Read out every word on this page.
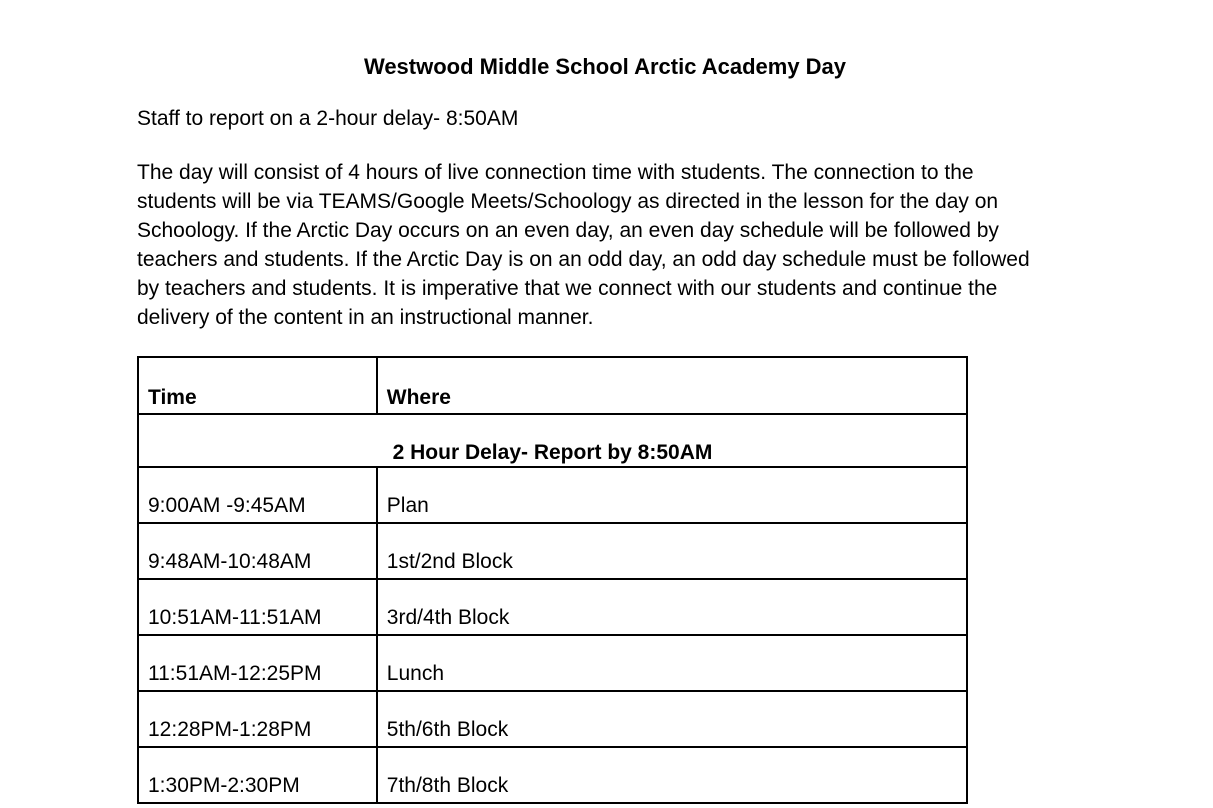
Westwood Middle School Arctic Academy Day

Staff to report on a 2-hour delay- 8:50AM

The day will consist of 4 hours of live connection time with students. The connection to the
students will be via TEAMS/Google Meets/Schoology as directed in the lesson for the day on
Schoology. If the Arctic Day occurs on an even day, an even day schedule will be followed by
teachers and students. If the Arctic Day is on an odd day, an odd day schedule must be followed
by teachers and students. It is imperative that we connect with our students and continue the
delivery of the content in an instructional manner.

Time	Where
2 Hour Delay- Report by 8:50AM	
9:00AM -9:45AM	Plan
9:48AM-10:48AM	1st/2nd Block
10:51AM-11:51AM	3rd/4th Block
11:51AM-12:25PM	Lunch
12:28PM-1:28PM	5th/6th Block
1:30PM-2:30PM	7th/8th Block
